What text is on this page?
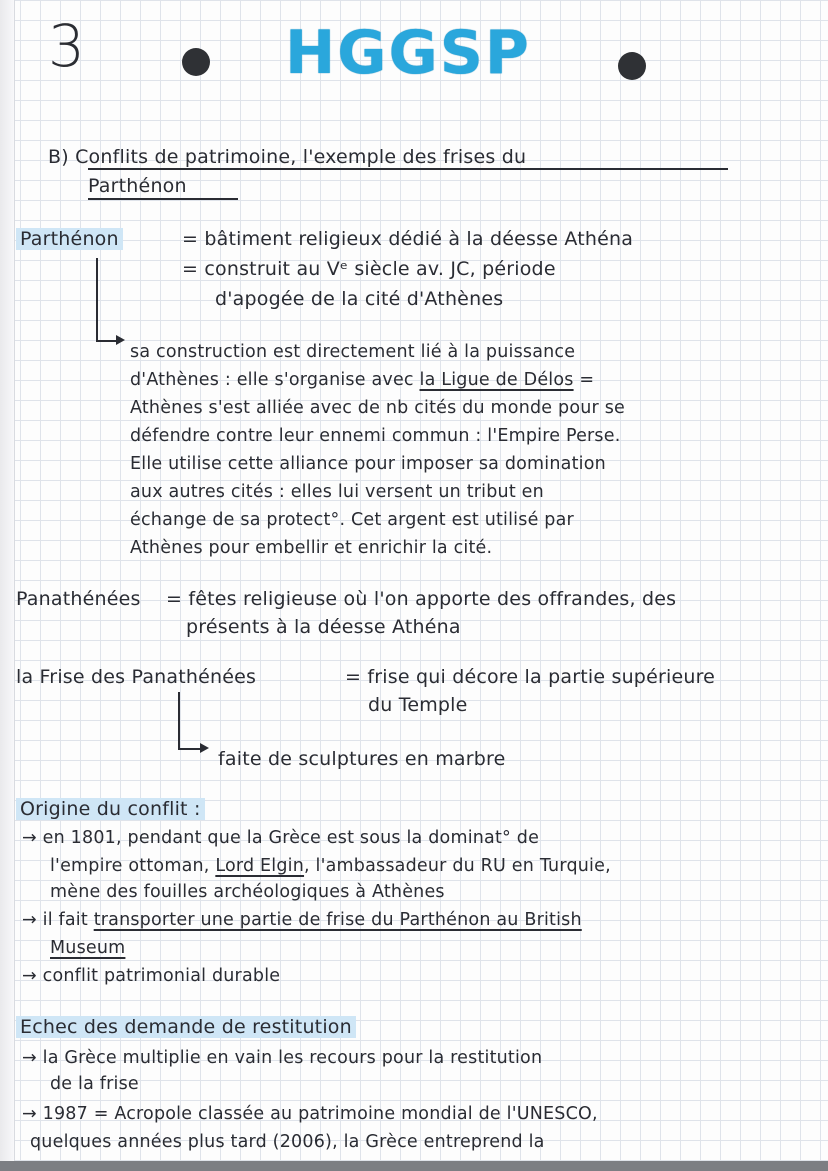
3	HGGSP
B) Conflits de patrimoine, l'exemple des frises du
Parthénon
Parthénon	= bâtiment religieux dédié à la déesse Athéna
= construit au Vᵉ siècle av. JC, période
d'apogée de la cité d'Athènes
sa construction est directement lié à la puissance
d'Athènes : elle s'organise avec la Ligue de Délos =
Athènes s'est alliée avec de nb cités du monde pour se
défendre contre leur ennemi commun : l'Empire Perse.
Elle utilise cette alliance pour imposer sa domination
aux autres cités : elles lui versent un tribut en
échange de sa protect°. Cet argent est utilisé par
Athènes pour embellir et enrichir la cité.
Panathénées = fêtes religieuse où l'on apporte des offrandes, des
présents à la déesse Athéna
la Frise des Panathénées	= frise qui décore la partie supérieure
du Temple
faite de sculptures en marbre
Origine du conflit :
→ en 1801, pendant que la Grèce est sous la dominat° de
l'empire ottoman, Lord Elgin, l'ambassadeur du RU en Turquie,
mène des fouilles archéologiques à Athènes
→ il fait transporter une partie de frise du Parthénon au British
Museum
→ conflit patrimonial durable
Echec des demande de restitution
→ la Grèce multiplie en vain les recours pour la restitution
de la frise
→ 1987 = Acropole classée au patrimoine mondial de l'UNESCO,
quelques années plus tard (2006), la Grèce entreprend la
